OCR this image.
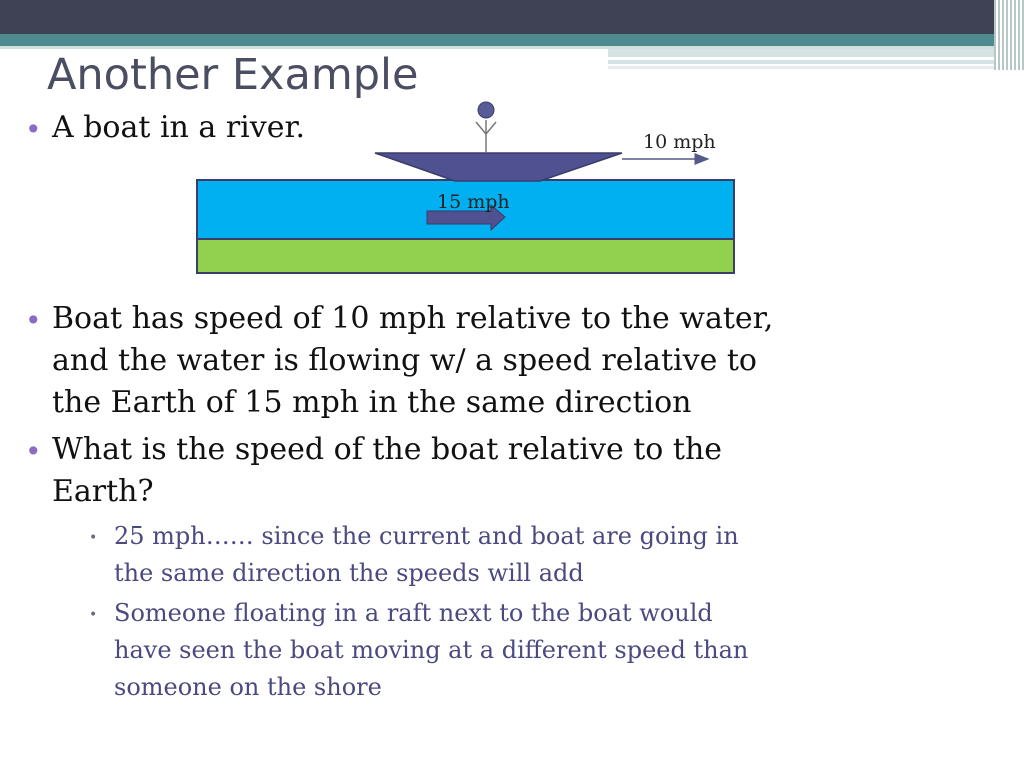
Another Example
10 mph
15 mph
• A boat in a river.
• Boat has speed of 10 mph relative to the water,
and the water is flowing w/ a speed relative to
the Earth of 15 mph in the same direction
• What is the speed of the boat relative to the
Earth?
• 25 mph…… since the current and boat are going in
the same direction the speeds will add
• Someone floating in a raft next to the boat would
have seen the boat moving at a different speed than
someone on the shore
